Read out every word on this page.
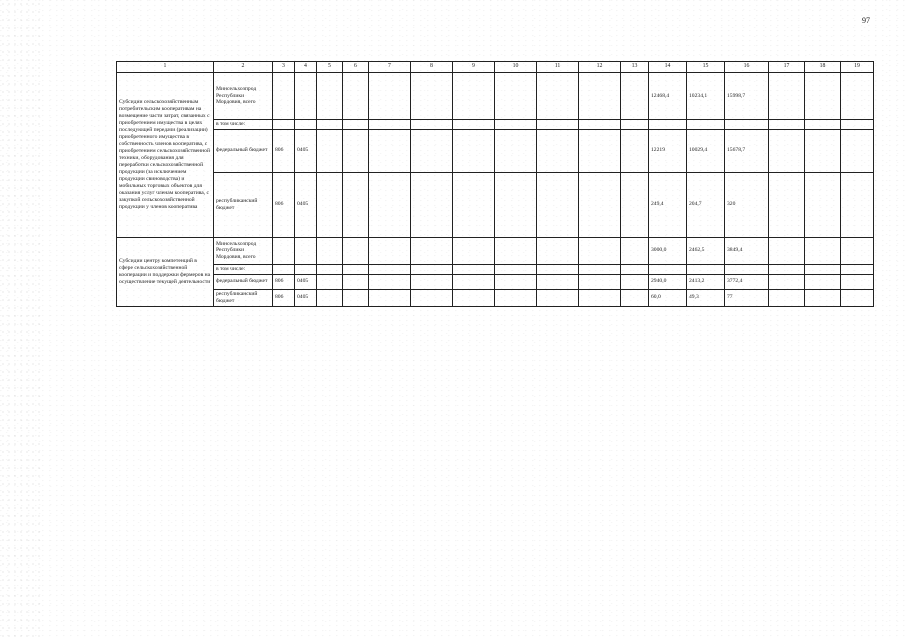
97
1	2	3	4	5	6	7	8	9	10	11	12	13	14	15	16	17	18	19
Субсидии сельскохозяйственным потребительским кооперативам на возмещение части затрат, связанных с приобретением имущества в целях последующей передачи (реализации) приобретенного имущества в собственность членов кооператива, с приобретением сельскохозяйственной техники, оборудования для переработки сельскохозяйственной продукции (за исключением продукции свиноводства) и мобильных торговых объектов для оказания услуг членам кооператива, с закупкой сельскохозяйственной продукции у членов кооператива	Минсельхозпрод Республики Мордовия, всего												12468,4	10234,1	15998,7			
	в том числе:																	
	федеральный бюджет	806	0405										12219	10029,4	15678,7			
	республиканский бюджет	806	0405										249,4	204,7	320			
Субсидии центру компетенций в сфере сельскохозяйственной кооперации и поддержки фермеров на осуществление текущей деятельности	Минсельхозпрод Республики Мордовия, всего												3000,0	2462,5	3849,4			
	в том числе:																	
	федеральный бюджет	806	0405										2940,0	2413,2	3772,4			
	республиканский бюджет	806	0405										60,0	49,3	77			
